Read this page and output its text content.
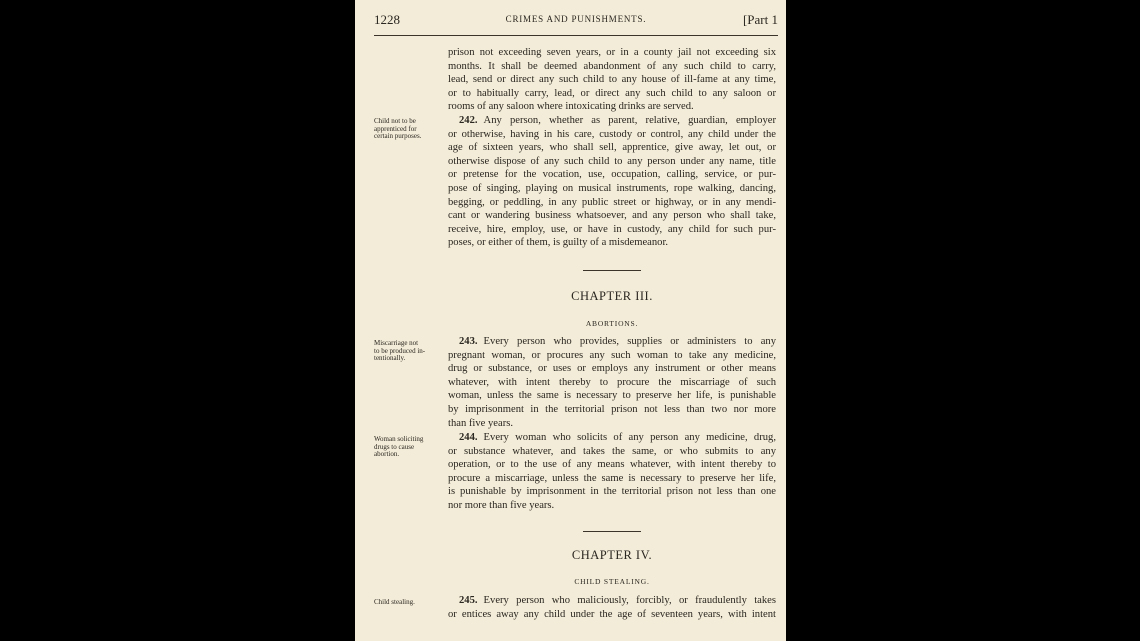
1228	CRIMES AND PUNISHMENTS.	[Part 1
prison not exceeding seven years, or in a county jail not exceeding six
months. It shall be deemed abandonment of any such child to carry,
lead, send or direct any such child to any house of ill-fame at any time,
or to habitually carry, lead, or direct any such child to any saloon or
rooms of any saloon where intoxicating drinks are served.
Child not to be
apprenticed for
certain purposes.
242. Any person, whether as parent, relative, guardian, employer
or otherwise, having in his care, custody or control, any child under the
age of sixteen years, who shall sell, apprentice, give away, let out, or
otherwise dispose of any such child to any person under any name, title
or pretense for the vocation, use, occupation, calling, service, or pur-
pose of singing, playing on musical instruments, rope walking, dancing,
begging, or peddling, in any public street or highway, or in any mendi-
cant or wandering business whatsoever, and any person who shall take,
receive, hire, employ, use, or have in custody, any child for such pur-
poses, or either of them, is guilty of a misdemeanor.
CHAPTER III.
ABORTIONS.
Miscarriage not
to be produced in-
tentionally.
243. Every person who provides, supplies or administers to any
pregnant woman, or procures any such woman to take any medicine,
drug or substance, or uses or employs any instrument or other means
whatever, with intent thereby to procure the miscarriage of such
woman, unless the same is necessary to preserve her life, is punishable
by imprisonment in the territorial prison not less than two nor more
than five years.
Woman soliciting
drugs to cause
abortion.
244. Every woman who solicits of any person any medicine, drug,
or substance whatever, and takes the same, or who submits to any
operation, or to the use of any means whatever, with intent thereby to
procure a miscarriage, unless the same is necessary to preserve her life,
is punishable by imprisonment in the territorial prison not less than one
nor more than five years.
CHAPTER IV.
CHILD STEALING.
Child stealing.	245. Every person who maliciously, forcibly, or fraudulently takes
or entices away any child under the age of seventeen years, with intent
